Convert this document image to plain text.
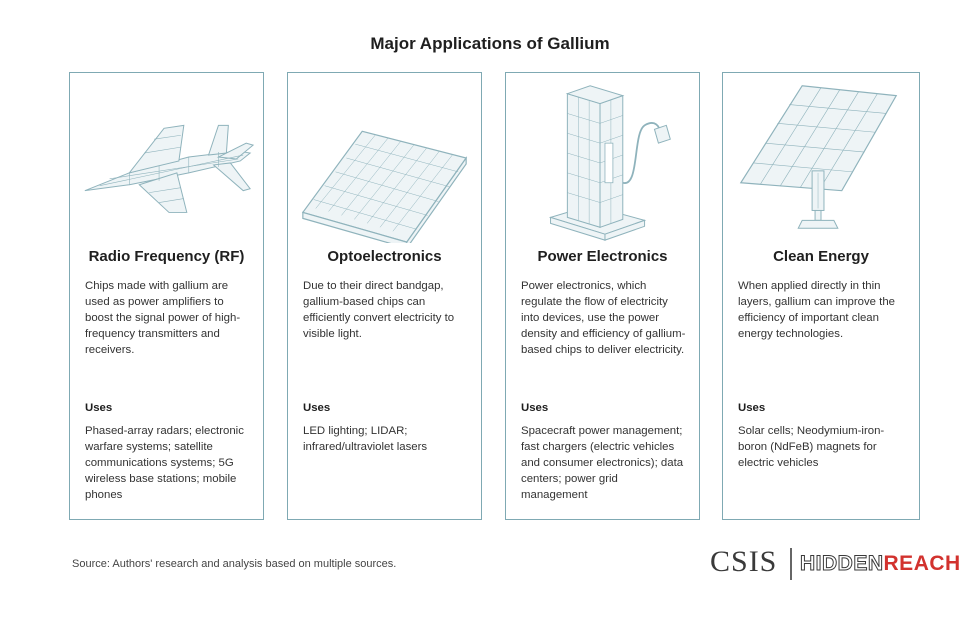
Major Applications of Gallium
Radio Frequency (RF)
Chips made with gallium are used as power amplifiers to boost the signal power of high-frequency transmitters and receivers.
Uses
Phased-array radars; electronic warfare systems; satellite communications systems; 5G wireless base stations; mobile phones
Optoelectronics
Due to their direct bandgap, gallium-based chips can efficiently convert electricity to visible light.
Uses
LED lighting; LIDAR; infrared/ultraviolet lasers
Power Electronics
Power electronics, which regulate the flow of electricity into devices, use the power density and efficiency of gallium-based chips to deliver electricity.
Uses
Spacecraft power management; fast chargers (electric vehicles and consumer electronics); data centers; power grid management
Clean Energy
When applied directly in thin layers, gallium can improve the efficiency of important clean energy technologies.
Uses
Solar cells; Neodymium-iron-boron (NdFeB) magnets for electric vehicles
Source: Authors' research and analysis based on multiple sources.	CSIS HIDDENREACH
